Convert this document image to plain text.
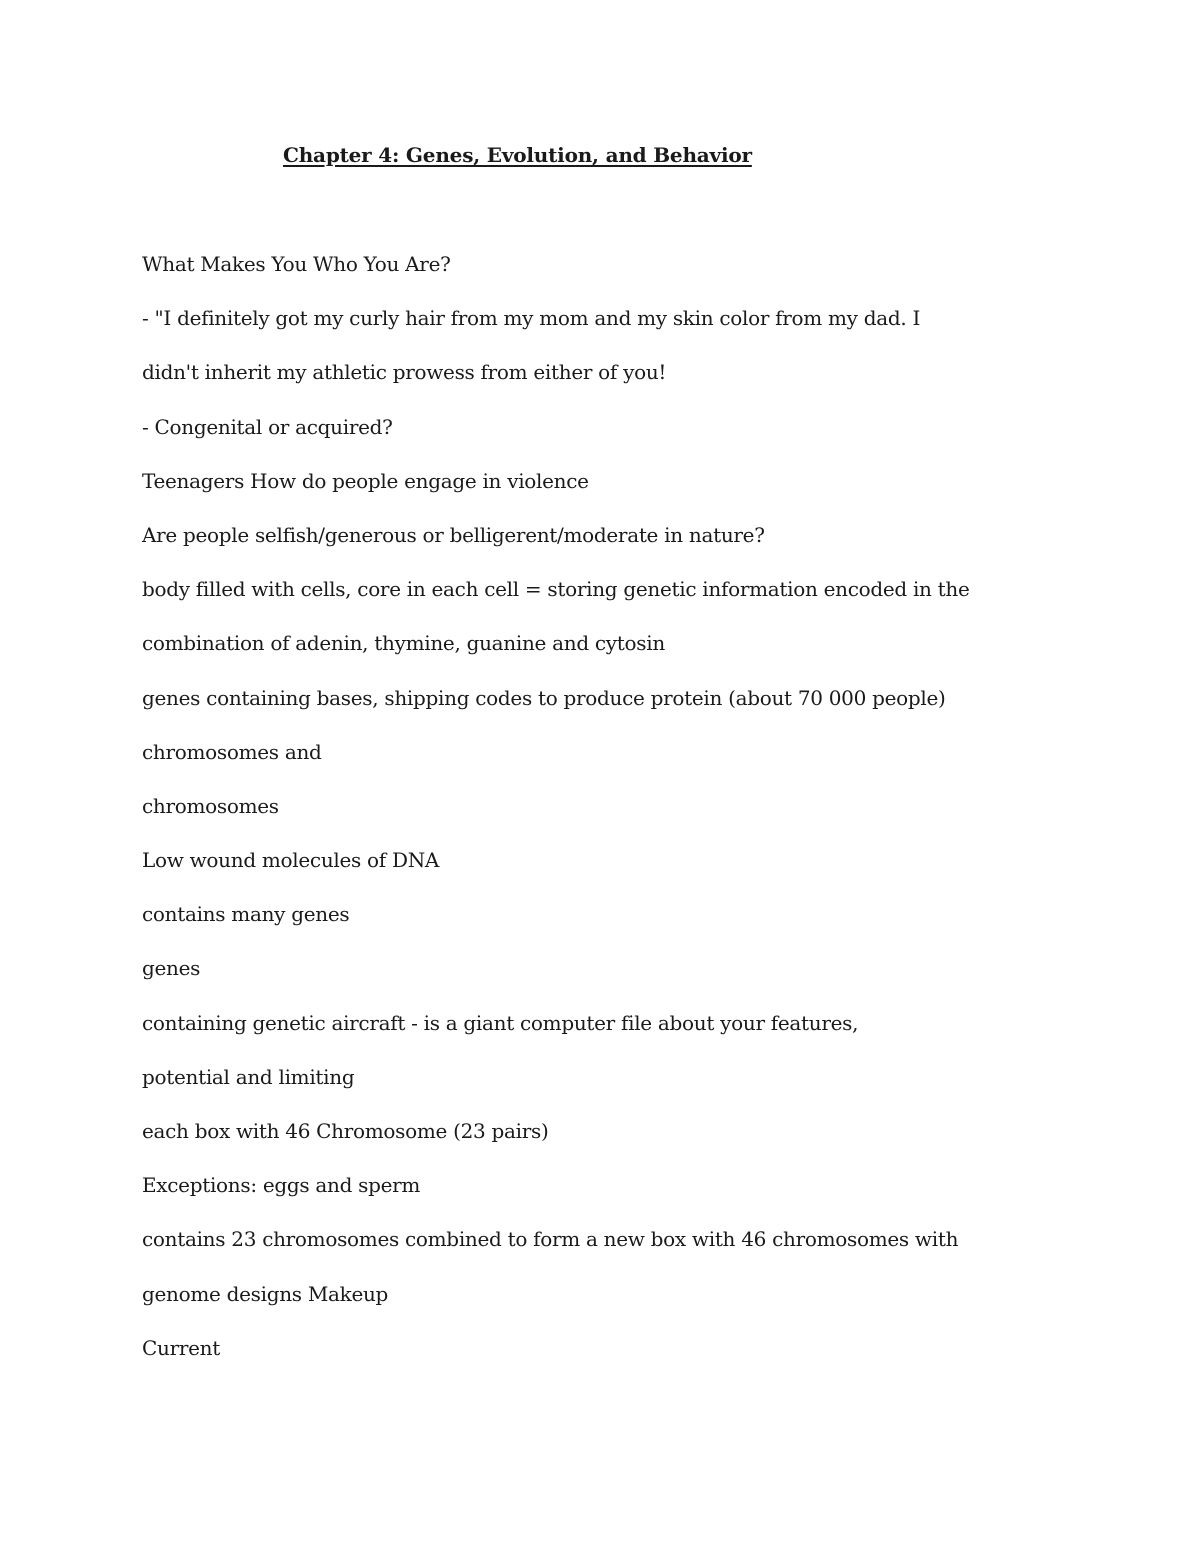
Chapter 4: Genes, Evolution, and Behavior
What Makes You Who You Are?
- "I definitely got my curly hair from my mom and my skin color from my dad. I
didn't inherit my athletic prowess from either of you!
- Congenital or acquired?
Teenagers How do people engage in violence
Are people selfish/generous or belligerent/moderate in nature?
body filled with cells, core in each cell = storing genetic information encoded in the
combination of adenin, thymine, guanine and cytosin
genes containing bases, shipping codes to produce protein (about 70 000 people)
chromosomes and
chromosomes
Low wound molecules of DNA
contains many genes
genes
containing genetic aircraft - is a giant computer file about your features,
potential and limiting
each box with 46 Chromosome (23 pairs)
Exceptions: eggs and sperm
contains 23 chromosomes combined to form a new box with 46 chromosomes with
genome designs Makeup
Current
